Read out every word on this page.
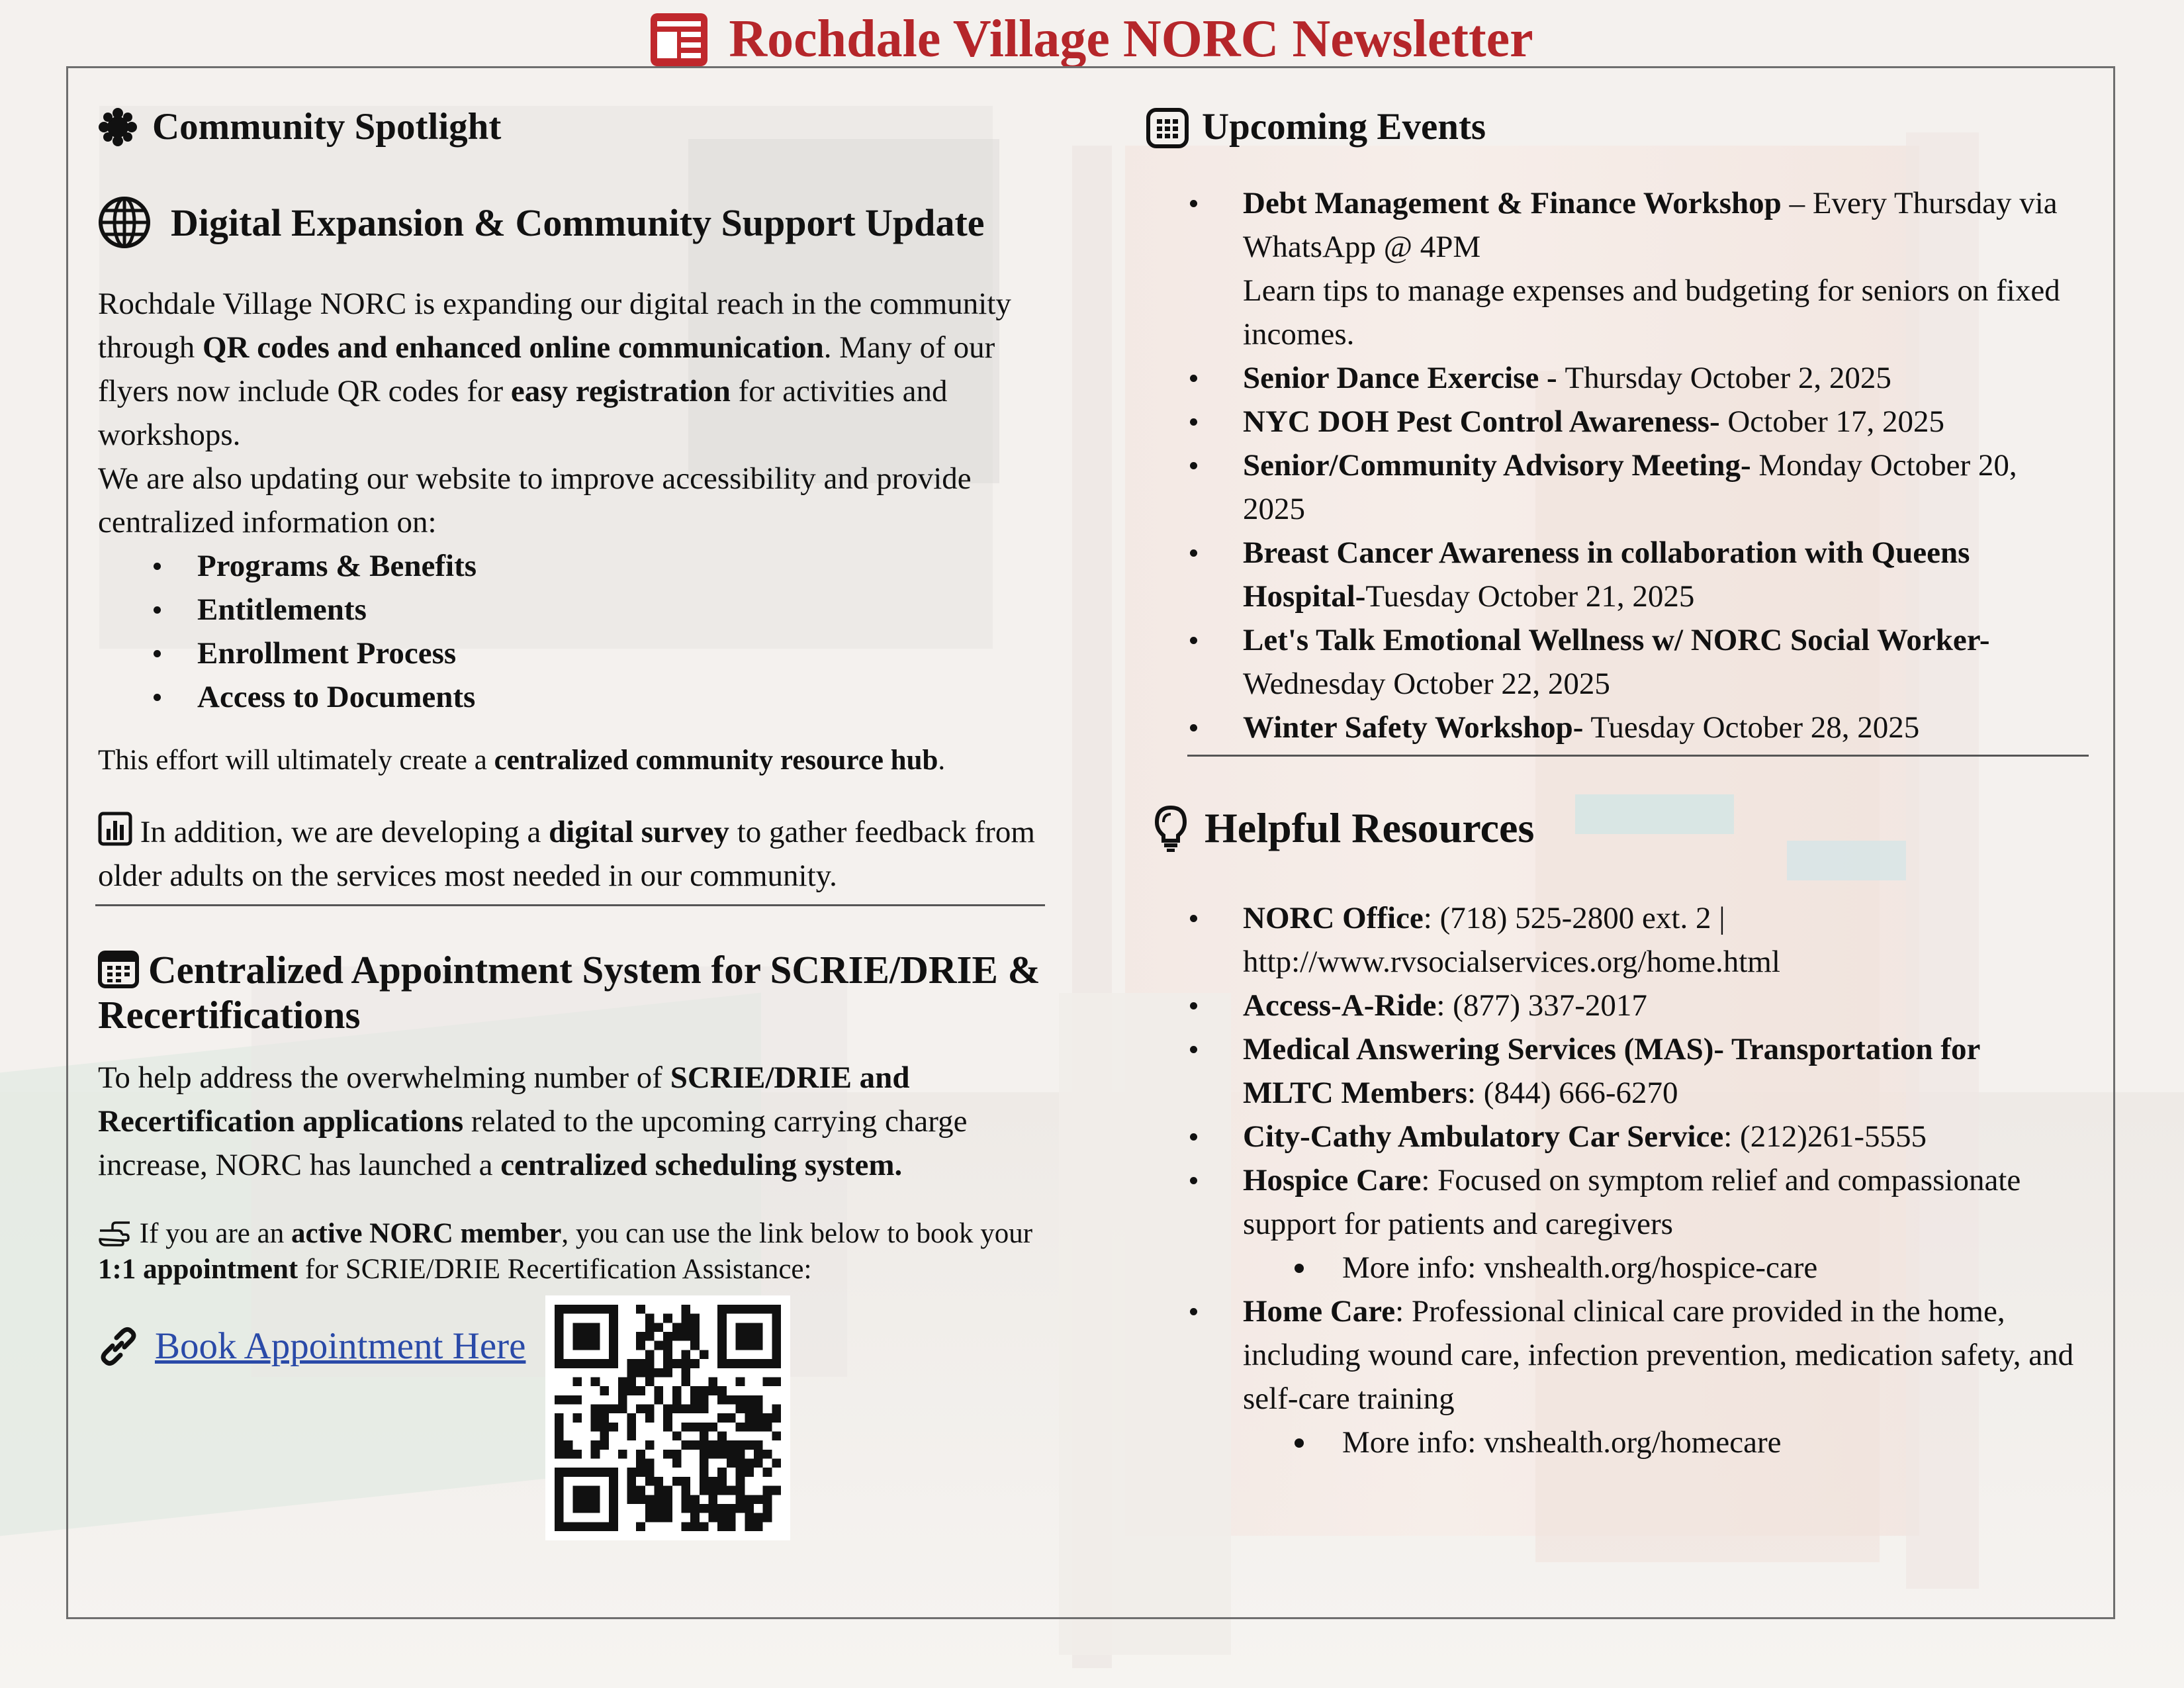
Rochdale Village NORC Newsletter
Community Spotlight
Digital Expansion & Community Support Update

Rochdale Village NORC is expanding our digital reach in the community through QR codes and enhanced online communication. Many of our flyers now include QR codes for easy registration for activities and workshops.

We are also updating our website to improve accessibility and provide centralized information on:

Programs & Benefits
Entitlements
Enrollment Process
Access to Documents

This effort will ultimately create a centralized community resource hub.

In addition, we are developing a digital survey to gather feedback from older adults on the services most needed in our community.

Centralized Appointment System for SCRIE/DRIE & Recertifications

To help address the overwhelming number of SCRIE/DRIE and Recertification applications related to the upcoming carrying charge increase, NORC has launched a centralized scheduling system.

If you are an active NORC member, you can use the link below to book your 1:1 appointment for SCRIE/DRIE Recertification Assistance:

Book Appointment Here
Upcoming Events
Debt Management & Finance Workshop – Every Thursday via WhatsApp @ 4PM
Learn tips to manage expenses and budgeting for seniors on fixed incomes.
Senior Dance Exercise - Thursday October 2, 2025
NYC DOH Pest Control Awareness- October 17, 2025
Senior/Community Advisory Meeting- Monday October 20, 2025
Breast Cancer Awareness in collaboration with Queens Hospital-Tuesday October 21, 2025
Let's Talk Emotional Wellness w/ NORC Social Worker- Wednesday October 22, 2025
Winter Safety Workshop- Tuesday October 28, 2025
Helpful Resources
NORC Office: (718) 525-2800 ext. 2 | http://www.rvsocialservices.org/home.html
Access-A-Ride: (877) 337-2017
Medical Answering Services (MAS)- Transportation for MLTC Members: (844) 666-6270
City-Cathy Ambulatory Car Service: (212)261-5555
Hospice Care: Focused on symptom relief and compassionate support for patients and caregivers
More info: vnshealth.org/hospice-care
Home Care: Professional clinical care provided in the home, including wound care, infection prevention, medication safety, and self-care training
More info: vnshealth.org/homecare
